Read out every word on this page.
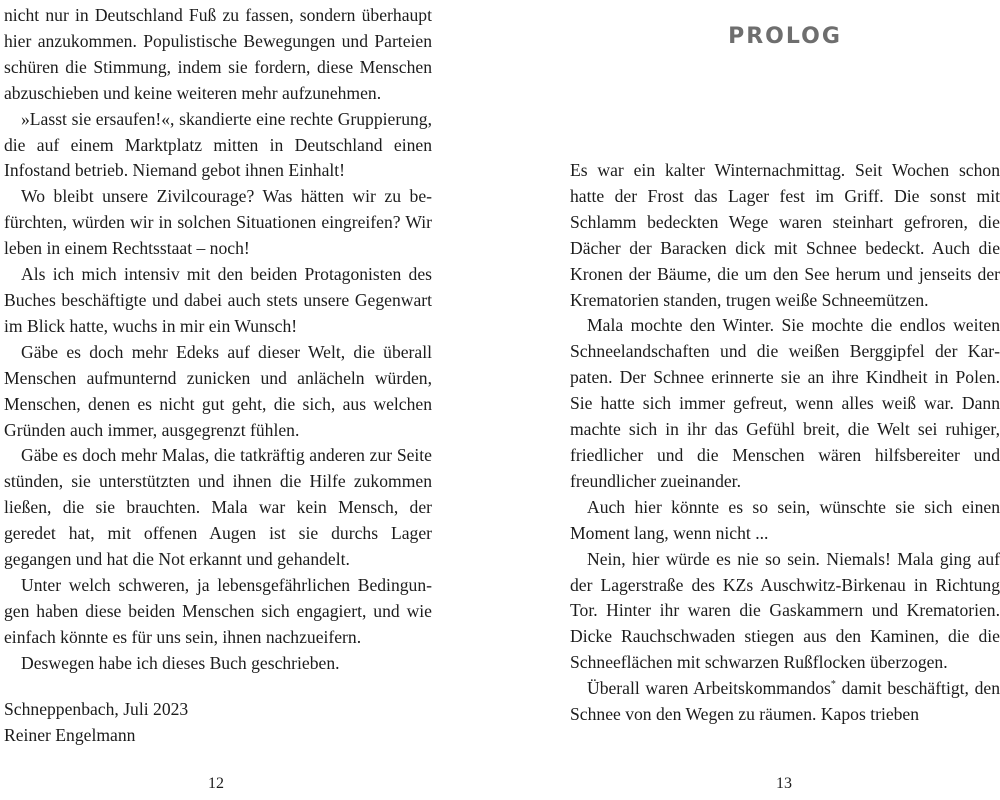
nicht nur in Deutschland Fuß zu fassen, sondern überhaupt hier anzukommen. Populistische Bewegungen und Parteien schüren die Stimmung, indem sie fordern, diese Menschen abzuschieben und keine weiteren mehr aufzunehmen.

»Lasst sie ersaufen!«, skandierte eine rechte Gruppierung, die auf einem Marktplatz mitten in Deutschland einen Infostand betrieb. Niemand gebot ihnen Einhalt!

Wo bleibt unsere Zivilcourage? Was hätten wir zu befürchten, würden wir in solchen Situationen eingreifen? Wir leben in einem Rechtsstaat – noch!

Als ich mich intensiv mit den beiden Protagonisten des Buches beschäftigte und dabei auch stets unsere Gegenwart im Blick hatte, wuchs in mir ein Wunsch!

Gäbe es doch mehr Edeks auf dieser Welt, die überall Menschen aufmunternd zunicken und anlächeln würden, Menschen, denen es nicht gut geht, die sich, aus welchen Gründen auch immer, ausgegrenzt fühlen.

Gäbe es doch mehr Malas, die tatkräftig anderen zur Seite stünden, sie unterstützten und ihnen die Hilfe zukommen ließen, die sie brauchten. Mala war kein Mensch, der geredet hat, mit offenen Augen ist sie durchs Lager gegangen und hat die Not erkannt und gehandelt.

Unter welch schweren, ja lebensgefährlichen Bedingungen haben diese beiden Menschen sich engagiert, und wie einfach könnte es für uns sein, ihnen nachzueifern.

Deswegen habe ich dieses Buch geschrieben.

Schneppenbach, Juli 2023
Reiner Engelmann
12
PROLOG

Es war ein kalter Winternachmittag. Seit Wochen schon hatte der Frost das Lager fest im Griff. Die sonst mit Schlamm bedeckten Wege waren steinhart gefroren, die Dächer der Baracken dick mit Schnee bedeckt. Auch die Kronen der Bäume, die um den See herum und jenseits der Krematorien standen, trugen weiße Schneemützen.

Mala mochte den Winter. Sie mochte die endlos weiten Schneelandschaften und die weißen Berggipfel der Karpaten. Der Schnee erinnerte sie an ihre Kindheit in Polen. Sie hatte sich immer gefreut, wenn alles weiß war. Dann machte sich in ihr das Gefühl breit, die Welt sei ruhiger, friedlicher und die Menschen wären hilfsbereiter und freundlicher zueinander.

Auch hier könnte es so sein, wünschte sie sich einen Moment lang, wenn nicht ...

Nein, hier würde es nie so sein. Niemals! Mala ging auf der Lagerstraße des KZs Auschwitz-Birkenau in Richtung Tor. Hinter ihr waren die Gaskammern und Krematorien. Dicke Rauchschwaden stiegen aus den Kaminen, die die Schneeflächen mit schwarzen Rußflocken überzogen.

Überall waren Arbeitskommandos* damit beschäftigt, den Schnee von den Wegen zu räumen. Kapos trieben

13
